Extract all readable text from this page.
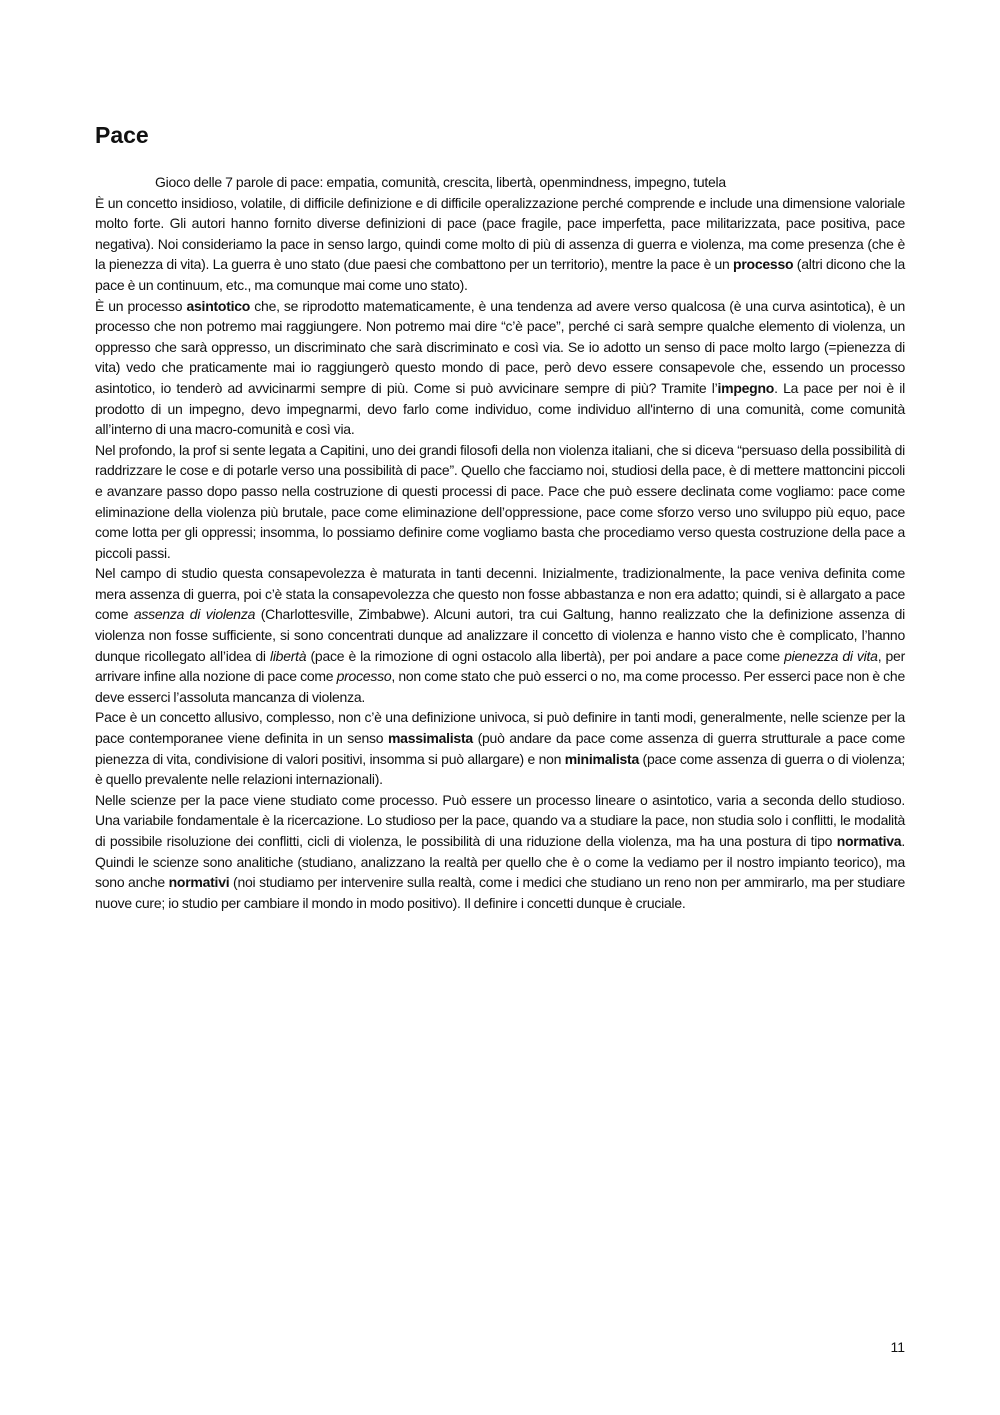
Pace

Gioco delle 7 parole di pace: empatia, comunità, crescita, libertà, openmindness, impegno, tutela

È un concetto insidioso, volatile, di difficile definizione e di difficile operalizzazione perché comprende e include una dimensione valoriale molto forte. Gli autori hanno fornito diverse definizioni di pace (pace fragile, pace imperfetta, pace militarizzata, pace positiva, pace negativa). Noi consideriamo la pace in senso largo, quindi come molto di più di assenza di guerra e violenza, ma come presenza (che è la pienezza di vita). La guerra è uno stato (due paesi che combattono per un territorio), mentre la pace è un processo (altri dicono che la pace è un continuum, etc., ma comunque mai come uno stato).

È un processo asintotico che, se riprodotto matematicamente, è una tendenza ad avere verso qualcosa (è una curva asintotica), è un processo che non potremo mai raggiungere. Non potremo mai dire “c’è pace”, perché ci sarà sempre qualche elemento di violenza, un oppresso che sarà oppresso, un discriminato che sarà discriminato e così via. Se io adotto un senso di pace molto largo (=pienezza di vita) vedo che praticamente mai io raggiungerò questo mondo di pace, però devo essere consapevole che, essendo un processo asintotico, io tenderò ad avvicinarmi sempre di più. Come si può avvicinare sempre di più? Tramite l’impegno. La pace per noi è il prodotto di un impegno, devo impegnarmi, devo farlo come individuo, come individuo all'interno di una comunità, come comunità all’interno di una macro-comunità e così via.

Nel profondo, la prof si sente legata a Capitini, uno dei grandi filosofi della non violenza italiani, che si diceva “persuaso della possibilità di raddrizzare le cose e di potarle verso una possibilità di pace”. Quello che facciamo noi, studiosi della pace, è di mettere mattoncini piccoli e avanzare passo dopo passo nella costruzione di questi processi di pace. Pace che può essere declinata come vogliamo: pace come eliminazione della violenza più brutale, pace come eliminazione dell’oppressione, pace come sforzo verso uno sviluppo più equo, pace come lotta per gli oppressi; insomma, lo possiamo definire come vogliamo basta che procediamo verso questa costruzione della pace a piccoli passi.

Nel campo di studio questa consapevolezza è maturata in tanti decenni. Inizialmente, tradizionalmente, la pace veniva definita come mera assenza di guerra, poi c’è stata la consapevolezza che questo non fosse abbastanza e non era adatto; quindi, si è allargato a pace come assenza di violenza (Charlottesville, Zimbabwe). Alcuni autori, tra cui Galtung, hanno realizzato che la definizione assenza di violenza non fosse sufficiente, si sono concentrati dunque ad analizzare il concetto di violenza e hanno visto che è complicato, l’hanno dunque ricollegato all’idea di libertà (pace è la rimozione di ogni ostacolo alla libertà), per poi andare a pace come pienezza di vita, per arrivare infine alla nozione di pace come processo, non come stato che può esserci o no, ma come processo. Per esserci pace non è che deve esserci l’assoluta mancanza di violenza.

Pace è un concetto allusivo, complesso, non c’è una definizione univoca, si può definire in tanti modi, generalmente, nelle scienze per la pace contemporanee viene definita in un senso massimalista (può andare da pace come assenza di guerra strutturale a pace come pienezza di vita, condivisione di valori positivi, insomma si può allargare) e non minimalista (pace come assenza di guerra o di violenza; è quello prevalente nelle relazioni internazionali).

Nelle scienze per la pace viene studiato come processo. Può essere un processo lineare o asintotico, varia a seconda dello studioso. Una variabile fondamentale è la ricercazione. Lo studioso per la pace, quando va a studiare la pace, non studia solo i conflitti, le modalità di possibile risoluzione dei conflitti, cicli di violenza, le possibilità di una riduzione della violenza, ma ha una postura di tipo normativa. Quindi le scienze sono analitiche (studiano, analizzano la realtà per quello che è o come la vediamo per il nostro impianto teorico), ma sono anche normativi (noi studiamo per intervenire sulla realtà, come i medici che studiano un reno non per ammirarlo, ma per studiare nuove cure; io studio per cambiare il mondo in modo positivo). Il definire i concetti dunque è cruciale.

11
